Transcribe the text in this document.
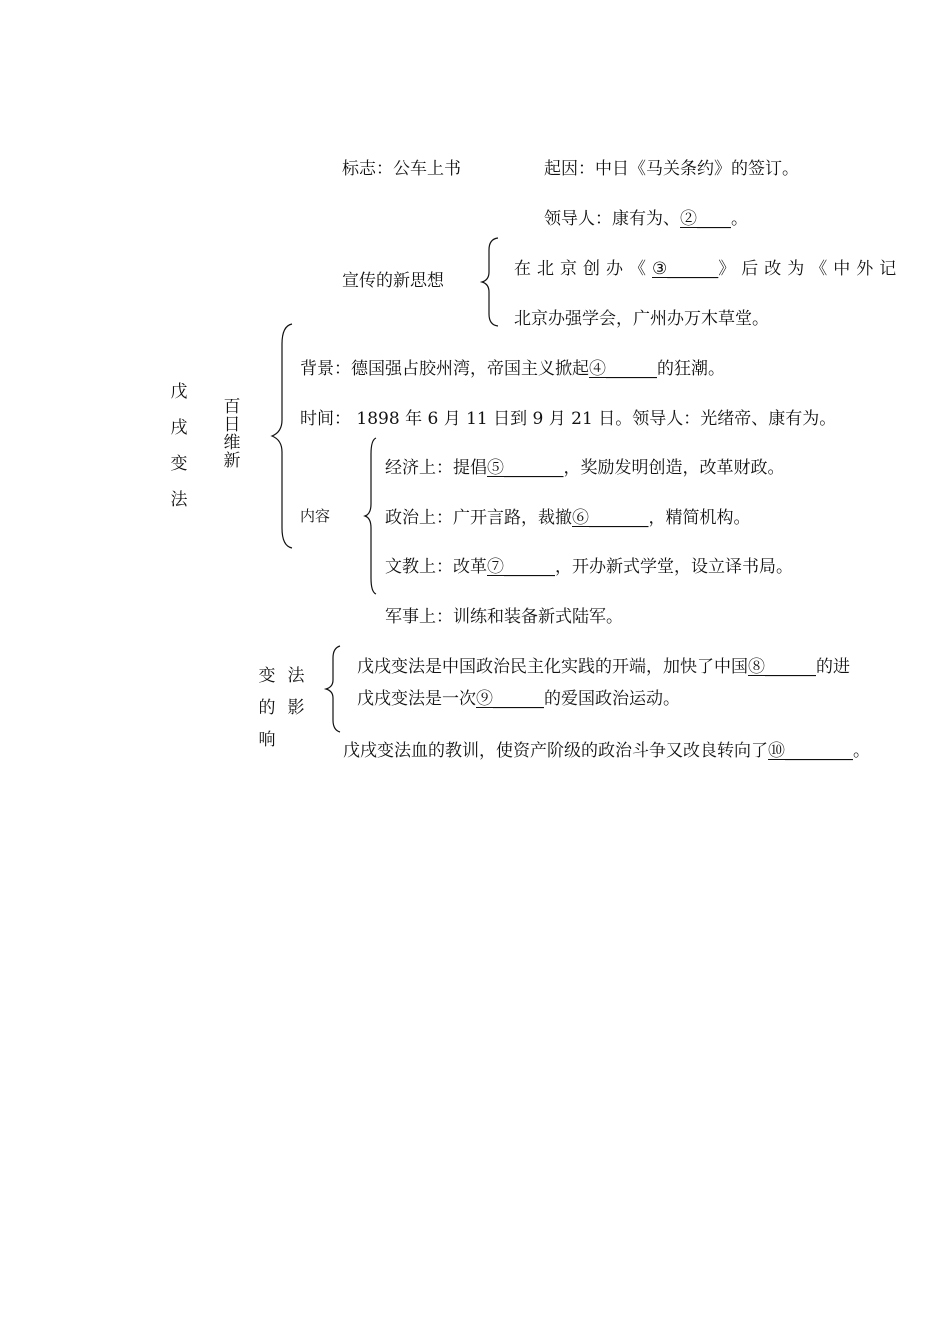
标志：公车上书	起因：中日《马关条约》的签订。
领导人：康有为、②____。
宣传的新思想
在北京创办《③______》后改为《中外记
北京办强学会，广州办万木草堂。
戊
戌
变
法
百
日
维
新
背景：德国强占胶州湾，帝国主义掀起④______的狂潮。
时间： 1898 年 6 月 11 日到 9 月 21 日。领导人：光绪帝、康有为。
内容
经济上：提倡⑤_______，奖励发明创造，改革财政。
政治上：广开言路，裁撤⑥_______，精简机构。
文教上：改革⑦______，开办新式学堂，设立译书局。
军事上：训练和装备新式陆军。
变
的
响
法
影
戊戌变法是中国政治民主化实践的开端，加快了中国⑧______的进
戊戌变法是一次⑨______的爱国政治运动。
戊戌变法血的教训，使资产阶级的政治斗争又改良转向了⑩________。
